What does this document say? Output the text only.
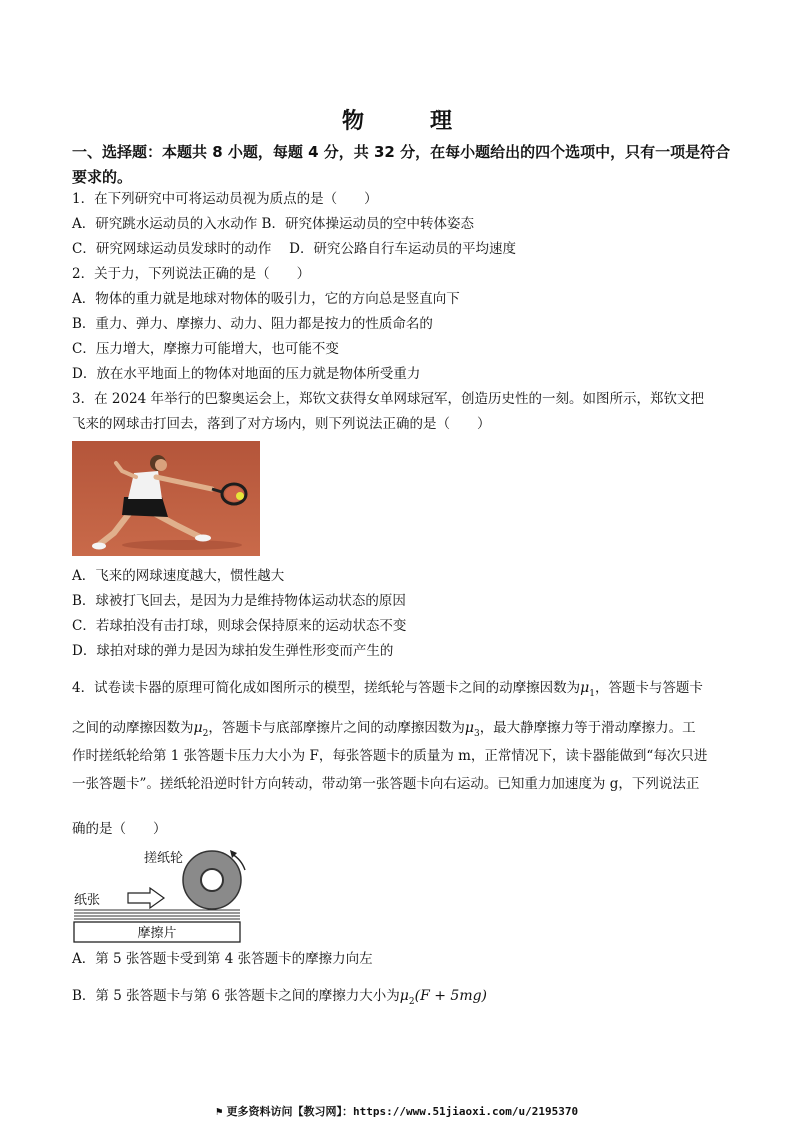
物　理
一、选择题：本题共 8 小题，每题 4 分，共 32 分，在每小题给出的四个选项中，只有一项是符合要求的。
1．在下列研究中可将运动员视为质点的是（　　）
A．研究跳水运动员的入水动作 B．研究体操运动员的空中转体姿态
C．研究网球运动员发球时的动作　 D．研究公路自行车运动员的平均速度
2．关于力，下列说法正确的是（　　）
A．物体的重力就是地球对物体的吸引力，它的方向总是竖直向下
B．重力、弹力、摩擦力、动力、阻力都是按力的性质命名的
C．压力增大，摩擦力可能增大，也可能不变
D．放在水平地面上的物体对地面的压力就是物体所受重力
3．在 2024 年举行的巴黎奥运会上，郑钦文获得女单网球冠军，创造历史性的一刻。如图所示，郑钦文把
飞来的网球击打回去，落到了对方场内，则下列说法正确的是（　　）
A．飞来的网球速度越大，惯性越大
B．球被打飞回去，是因为力是维持物体运动状态的原因
C．若球拍没有击打球，则球会保持原来的运动状态不变
D．球拍对球的弹力是因为球拍发生弹性形变而产生的
4．试卷读卡器的原理可简化成如图所示的模型，搓纸轮与答题卡之间的动摩擦因数为$\mu_1$，答题卡与答题卡
之间的动摩擦因数为$\mu_2$，答题卡与底部摩擦片之间的动摩擦因数为$\mu_3$，最大静摩擦力等于滑动摩擦力。工
作时搓纸轮给第 1 张答题卡压力大小为 F，每张答题卡的质量为 m，正常情况下，读卡器能做到“每次只进
一张答题卡”。搓纸轮沿逆时针方向转动，带动第一张答题卡向右运动。已知重力加速度为 g，下列说法正
确的是（　　）
搓纸轮
纸张
摩擦片
A．第 5 张答题卡受到第 4 张答题卡的摩擦力向左
B．第 5 张答题卡与第 6 张答题卡之间的摩擦力大小为$\mu_2(F + 5mg)$
⚑ 更多资料访问【教习网】：https://www.51jiaoxi.com/u/2195370
